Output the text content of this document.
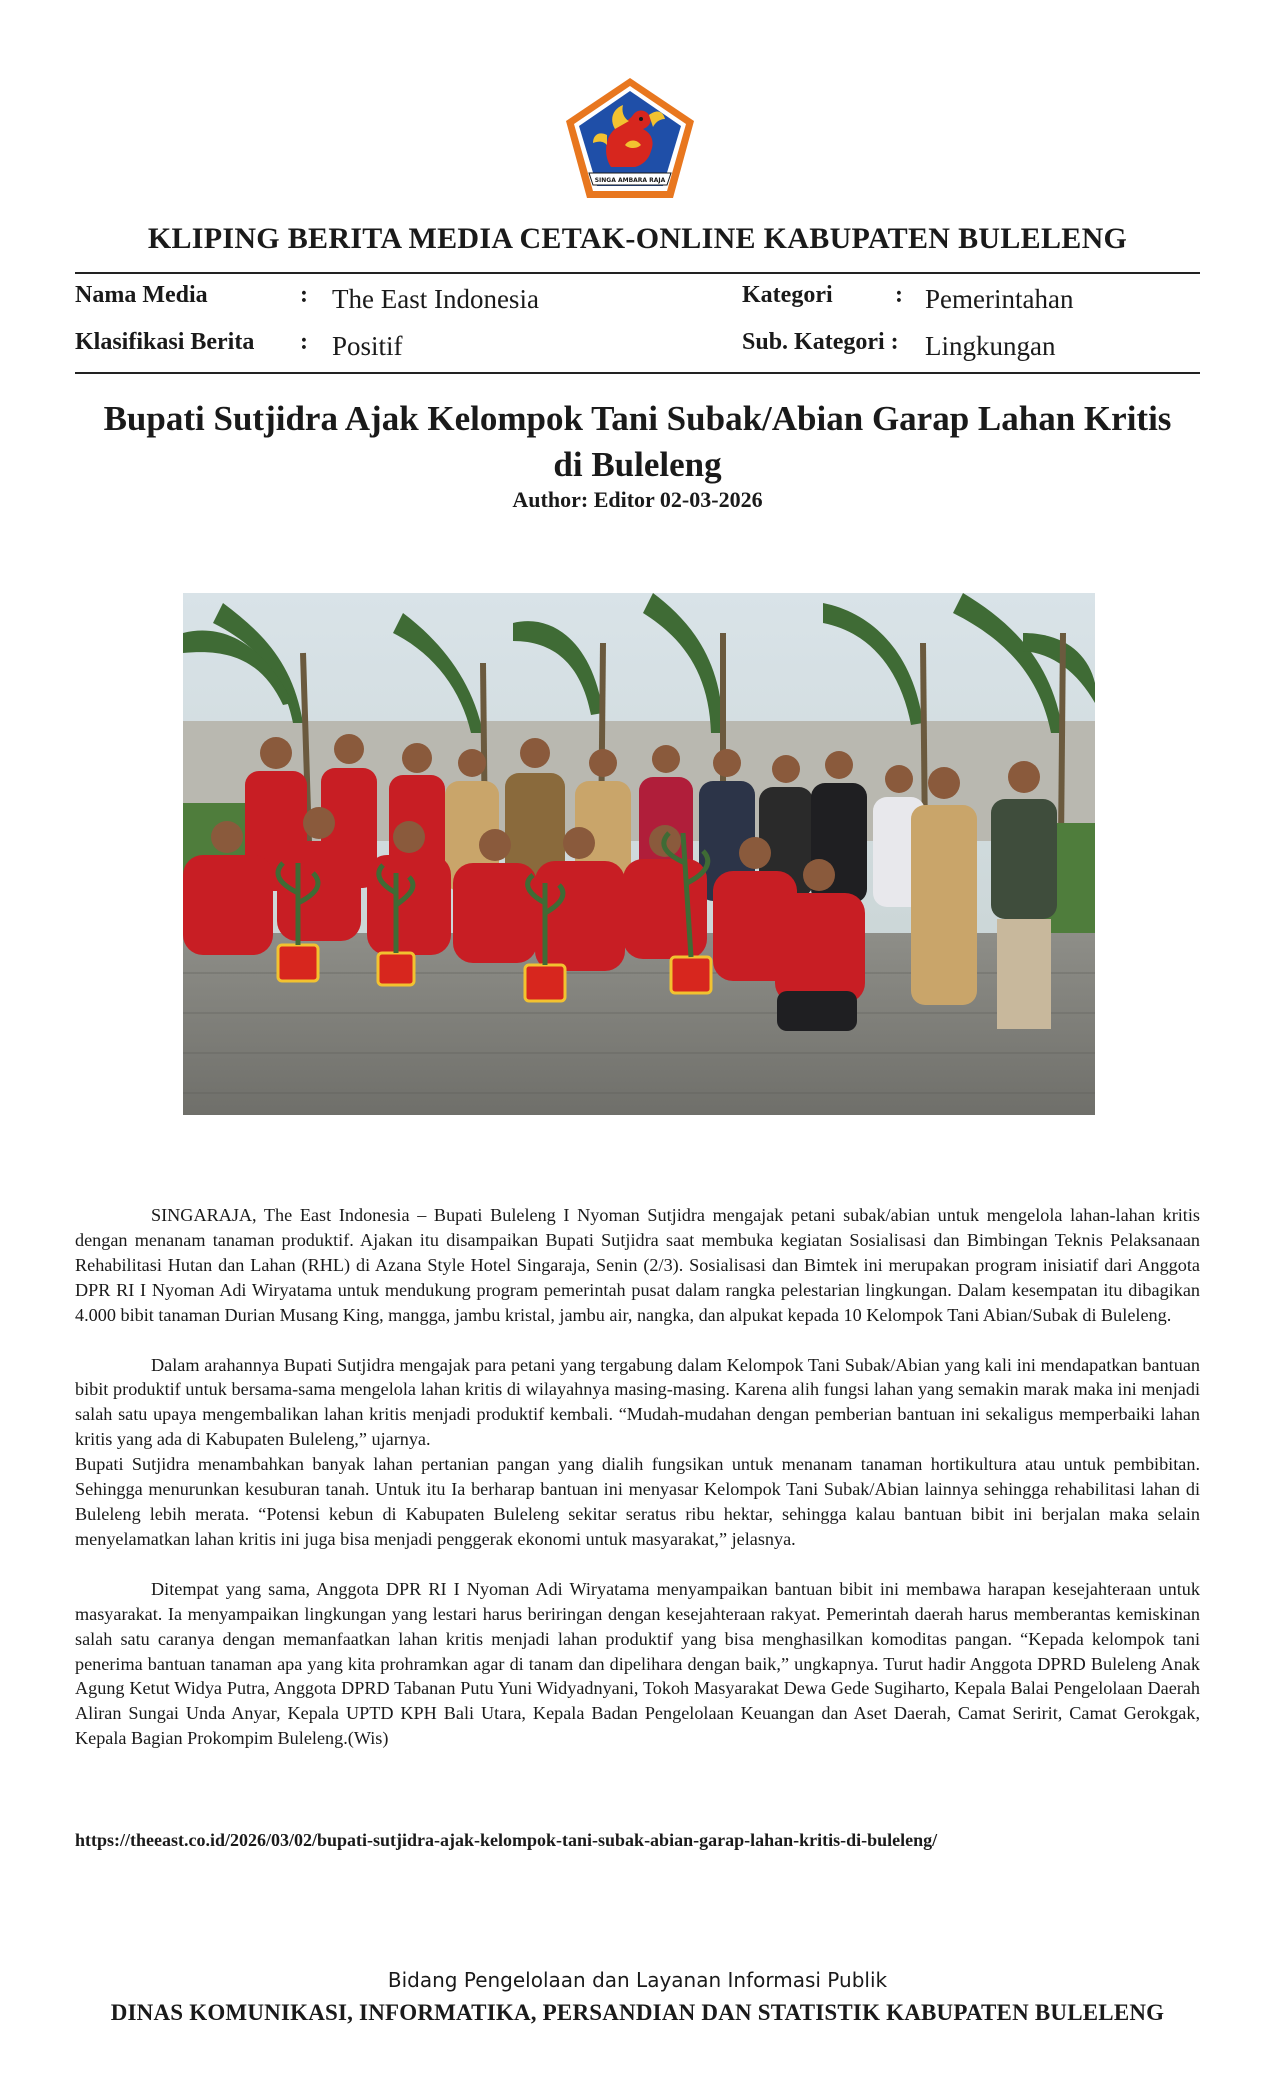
SINGA AMBARA RAJA
KLIPING BERITA MEDIA CETAK-ONLINE KABUPATEN BULELENG
Nama Media	: The East Indonesia
Klasifikasi Berita : Positif
Kategori	: Pemerintahan
Sub. Kategori : Lingkungan
Bupati Sutjidra Ajak Kelompok Tani Subak/Abian Garap Lahan Kritis
di Buleleng
Author: Editor 02-03-2026

SINGARAJA, The East Indonesia – Bupati Buleleng I Nyoman Sutjidra mengajak petani subak/abian untuk mengelola lahan-lahan kritis dengan menanam tanaman produktif. Ajakan itu disampaikan Bupati Sutjidra saat membuka kegiatan Sosialisasi dan Bimbingan Teknis Pelaksanaan Rehabilitasi Hutan dan Lahan (RHL) di Azana Style Hotel Singaraja, Senin (2/3). Sosialisasi dan Bimtek ini merupakan program inisiatif dari Anggota DPR RI I Nyoman Adi Wiryatama untuk mendukung program pemerintah pusat dalam rangka pelestarian lingkungan. Dalam kesempatan itu dibagikan 4.000 bibit tanaman Durian Musang King, mangga, jambu kristal, jambu air, nangka, dan alpukat kepada 10 Kelompok Tani Abian/Subak di Buleleng.

Dalam arahannya Bupati Sutjidra mengajak para petani yang tergabung dalam Kelompok Tani Subak/Abian yang kali ini mendapatkan bantuan bibit produktif untuk bersama-sama mengelola lahan kritis di wilayahnya masing-masing. Karena alih fungsi lahan yang semakin marak maka ini menjadi salah satu upaya mengembalikan lahan kritis menjadi produktif kembali. “Mudah-mudahan dengan pemberian bantuan ini sekaligus memperbaiki lahan kritis yang ada di Kabupaten Buleleng,” ujarnya.

Bupati Sutjidra menambahkan banyak lahan pertanian pangan yang dialih fungsikan untuk menanam tanaman hortikultura atau untuk pembibitan. Sehingga menurunkan kesuburan tanah. Untuk itu Ia berharap bantuan ini menyasar Kelompok Tani Subak/Abian lainnya sehingga rehabilitasi lahan di Buleleng lebih merata. “Potensi kebun di Kabupaten Buleleng sekitar seratus ribu hektar, sehingga kalau bantuan bibit ini berjalan maka selain menyelamatkan lahan kritis ini juga bisa menjadi penggerak ekonomi untuk masyarakat,” jelasnya.

Ditempat yang sama, Anggota DPR RI I Nyoman Adi Wiryatama menyampaikan bantuan bibit ini membawa harapan kesejahteraan untuk masyarakat. Ia menyampaikan lingkungan yang lestari harus beriringan dengan kesejahteraan rakyat. Pemerintah daerah harus memberantas kemiskinan salah satu caranya dengan memanfaatkan lahan kritis menjadi lahan produktif yang bisa menghasilkan komoditas pangan. “Kepada kelompok tani penerima bantuan tanaman apa yang kita prohramkan agar di tanam dan dipelihara dengan baik,” ungkapnya. Turut hadir Anggota DPRD Buleleng Anak Agung Ketut Widya Putra, Anggota DPRD Tabanan Putu Yuni Widyadnyani, Tokoh Masyarakat Dewa Gede Sugiharto, Kepala Balai Pengelolaan Daerah Aliran Sungai Unda Anyar, Kepala UPTD KPH Bali Utara, Kepala Badan Pengelolaan Keuangan dan Aset Daerah, Camat Seririt, Camat Gerokgak, Kepala Bagian Prokompim Buleleng.(Wis)

https://theeast.co.id/2026/03/02/bupati-sutjidra-ajak-kelompok-tani-subak-abian-garap-lahan-kritis-di-buleleng/
Bidang Pengelolaan dan Layanan Informasi Publik
DINAS KOMUNIKASI, INFORMATIKA, PERSANDIAN DAN STATISTIK KABUPATEN BULELENG
